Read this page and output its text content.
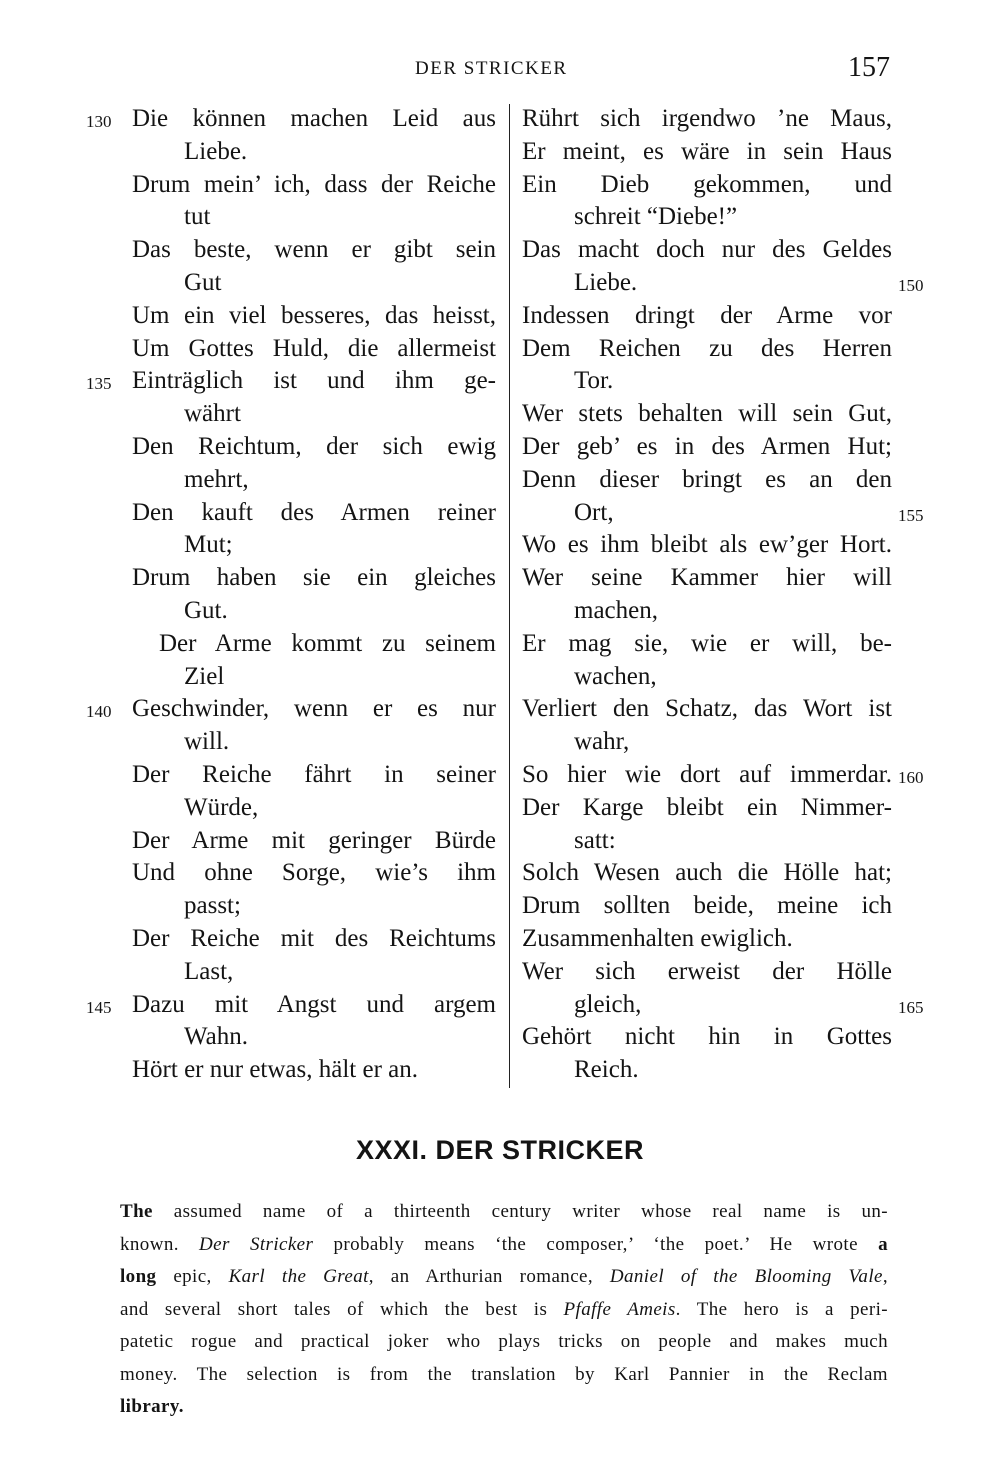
DER STRICKER	157
130 Die können machen Leid aus
Liebe.
Drum mein’ ich, dass der Reiche
tut
Das beste, wenn er gibt sein
Gut
Um ein viel besseres, das heisst,
Um Gottes Huld, die allermeist
135 Einträglich ist und ihm ge-
währt
Den Reichtum, der sich ewig
mehrt,
Den kauft des Armen reiner
Mut;
Drum haben sie ein gleiches
Gut.
Der Arme kommt zu seinem
Ziel
140 Geschwinder, wenn er es nur
will.
Der Reiche fährt in seiner
Würde,
Der Arme mit geringer Bürde
Und ohne Sorge, wie’s ihm
passt;
Der Reiche mit des Reichtums
Last,
145 Dazu mit Angst und argem
Wahn.
Hört er nur etwas, hält er an.
Rührt sich irgendwo ’ne Maus,
Er meint, es wäre in sein Haus
Ein Dieb gekommen, und
schreit “Diebe!”
Das macht doch nur des Geldes
150
Liebe.
Indessen dringt der Arme vor
Dem Reichen zu des Herren
Tor.
Wer stets behalten will sein Gut,
Der geb’ es in des Armen Hut;
Denn dieser bringt es an den
155
Ort,
Wo es ihm bleibt als ew’ger Hort.
Wer seine Kammer hier will
machen,
Er mag sie, wie er will, be-
wachen,
Verliert den Schatz, das Wort ist
wahr,
160
So hier wie dort auf immerdar.
Der Karge bleibt ein Nimmer-
satt:
Solch Wesen auch die Hölle hat;
Drum sollten beide, meine ich
Zusammenhalten ewiglich.
Wer sich erweist der Hölle
165
gleich,
Gehört nicht hin in Gottes
Reich.
XXXI. DER STRICKER
The assumed name of a thirteenth century writer whose real name is un-
known. Der Stricker probably means ‘the composer,’ ‘the poet.’ He wrote a
long epic, Karl the Great, an Arthurian romance, Daniel of the Blooming Vale,
and several short tales of which the best is Pfaffe Ameis. The hero is a peri-
patetic rogue and practical joker who plays tricks on people and makes much
money. The selection is from the translation by Karl Pannier in the Reclam
library.
